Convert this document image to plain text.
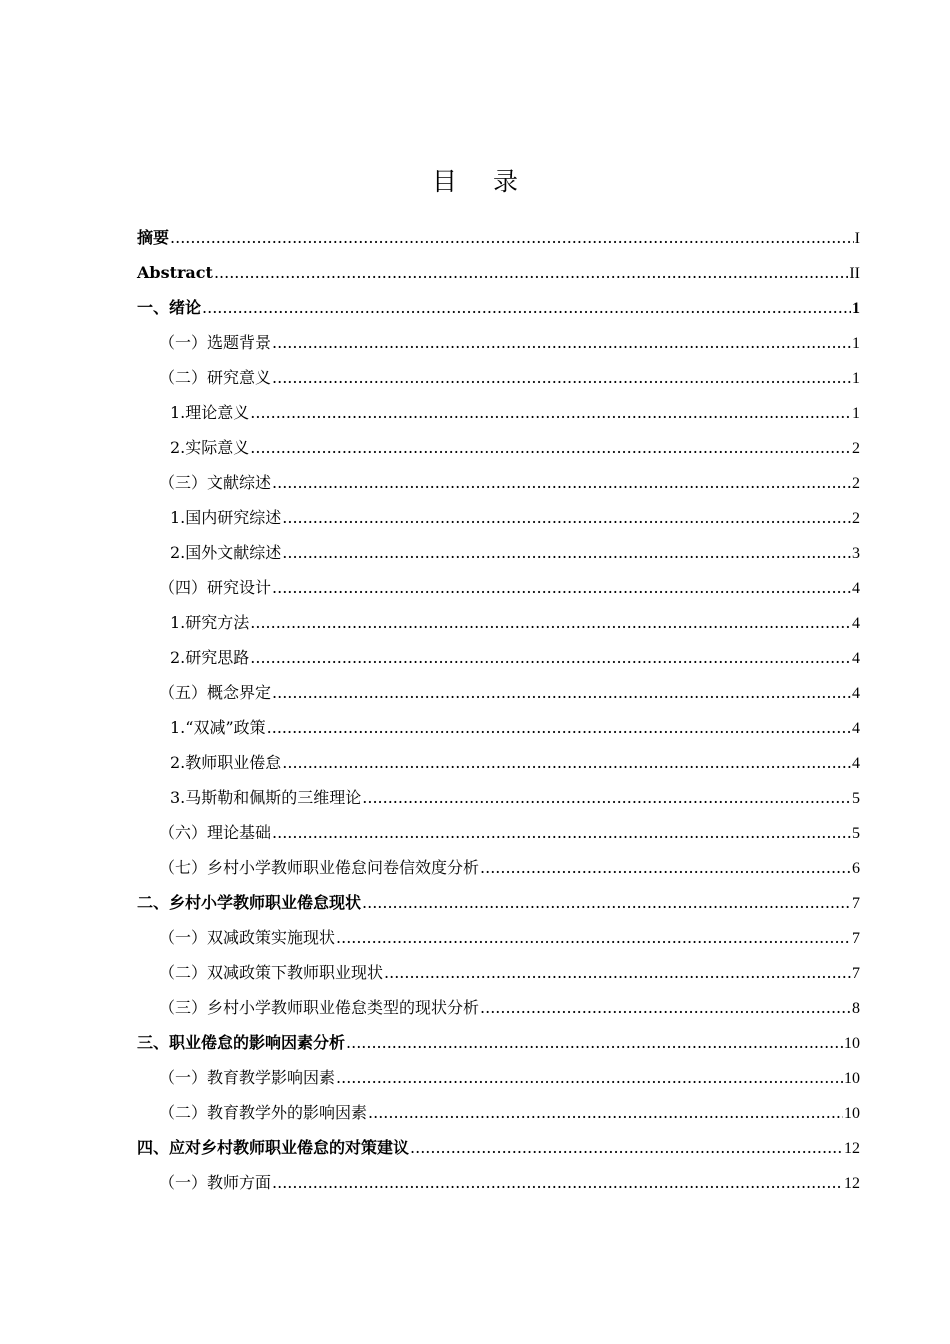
目 录
摘要 .....	I
Abstract .....	II
一、绪论 .....	1
（一）选题背景 .....	1
（二）研究意义 .....	1
1.理论意义 .....	1
2.实际意义 .....	2
（三）文献综述 .....	2
1.国内研究综述 .....	2
2.国外文献综述 .....	3
（四）研究设计 .....	4
1.研究方法 .....	4
2.研究思路 .....	4
（五）概念界定 .....	4
1.“双减”政策 .....	4
2.教师职业倦怠 .....	4
3.马斯勒和佩斯的三维理论 .....	5
（六）理论基础 .....	5
（七）乡村小学教师职业倦怠问卷信效度分析 .....	6
二、乡村小学教师职业倦怠现状 .....	7
（一）双减政策实施现状 .....	7
（二）双减政策下教师职业现状 .....	7
（三）乡村小学教师职业倦怠类型的现状分析 .....	8
三、职业倦怠的影响因素分析 .....	10
（一）教育教学影响因素 .....	10
（二）教育教学外的影响因素 .....	10
四、应对乡村教师职业倦怠的对策建议 .....	12
（一）教师方面 .....	12
